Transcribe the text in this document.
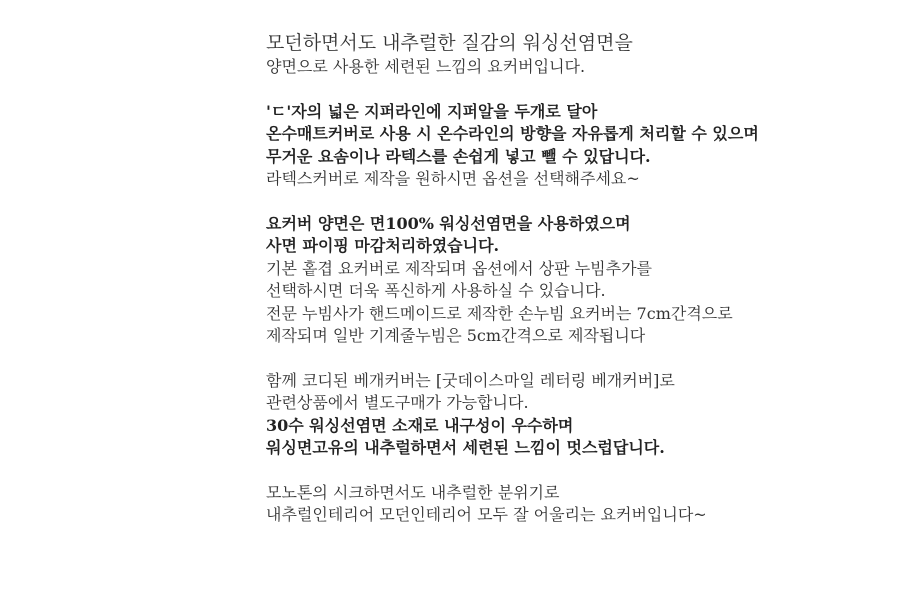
모던하면서도 내추럴한 질감의 워싱선염면을
양면으로 사용한 세련된 느낌의 요커버입니다.
'ㄷ'자의 넓은 지퍼라인에 지퍼알을 두개로 달아
온수매트커버로 사용 시 온수라인의 방향을 자유롭게 처리할 수 있으며
무거운 요솜이나 라텍스를 손쉽게 넣고 뺄 수 있답니다.
라텍스커버로 제작을 원하시면 옵션을 선택해주세요~
요커버 양면은 면100% 워싱선염면을 사용하였으며
사면 파이핑 마감처리하였습니다.
기본 홑겹 요커버로 제작되며 옵션에서 상판 누빔추가를
선택하시면 더욱 폭신하게 사용하실 수 있습니다.
전문 누빔사가 핸드메이드로 제작한 손누빔 요커버는 7cm간격으로
제작되며 일반 기계줄누빔은 5cm간격으로 제작됩니다
함께 코디된 베개커버는 [굿데이스마일 레터링 베개커버]로
관련상품에서 별도구매가 가능합니다.
30수 워싱선염면 소재로 내구성이 우수하며
워싱면고유의 내추럴하면서 세련된 느낌이 멋스럽답니다.
모노톤의 시크하면서도 내추럴한 분위기로
내추럴인테리어 모던인테리어 모두 잘 어울리는 요커버입니다~
